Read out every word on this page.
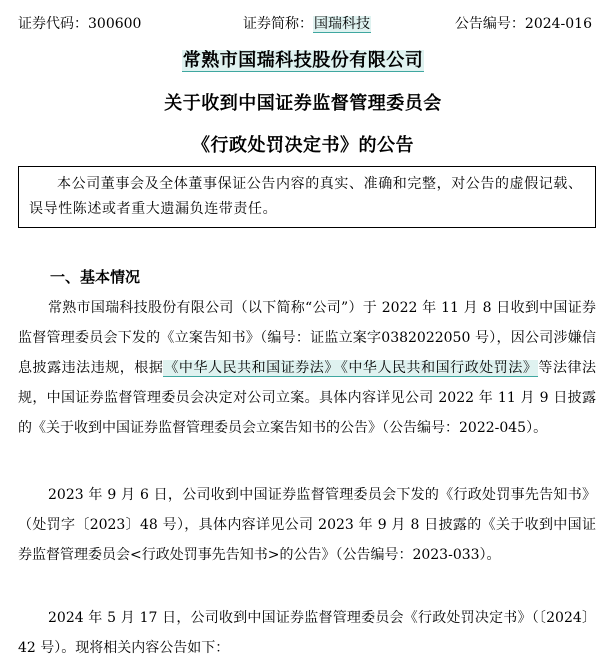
证券代码：300600	证券简称：国瑞科技	公告编号：2024-016
常熟市国瑞科技股份有限公司
关于收到中国证券监督管理委员会
《行政处罚决定书》的公告

本公司董事会及全体董事保证公告内容的真实、准确和完整，对公告的虚假记载、误导性陈述或者重大遗漏负连带责任。

一、基本情况

常熟市国瑞科技股份有限公司（以下简称“公司”）于 2022 年 11 月 8 日收到中国证券监督管理委员会下发的《立案告知书》（编号：证监立案字0382022050 号），因公司涉嫌信息披露违法违规，根据《中华人民共和国证券法》 《中华人民共和国行政处罚法》等法律法规，中国证券监督管理委员会决定对公司立案。具体内容详见公司 2022 年 11 月 9 日披露的《关于收到中国证券监督管理委员会立案告知书的公告》（公告编号：2022-045）。

2023 年 9 月 6 日，公司收到中国证券监督管理委员会下发的《行政处罚事先告知书》（处罚字〔2023〕48 号），具体内容详见公司 2023 年 9 月 8 日披露的《关于收到中国证券监督管理委员会<行政处罚事先告知书>的公告》（公告编号：2023-033）。

2024 年 5 月 17 日，公司收到中国证券监督管理委员会《行政处罚决定书》（〔2024〕42 号）。现将相关内容公告如下：
